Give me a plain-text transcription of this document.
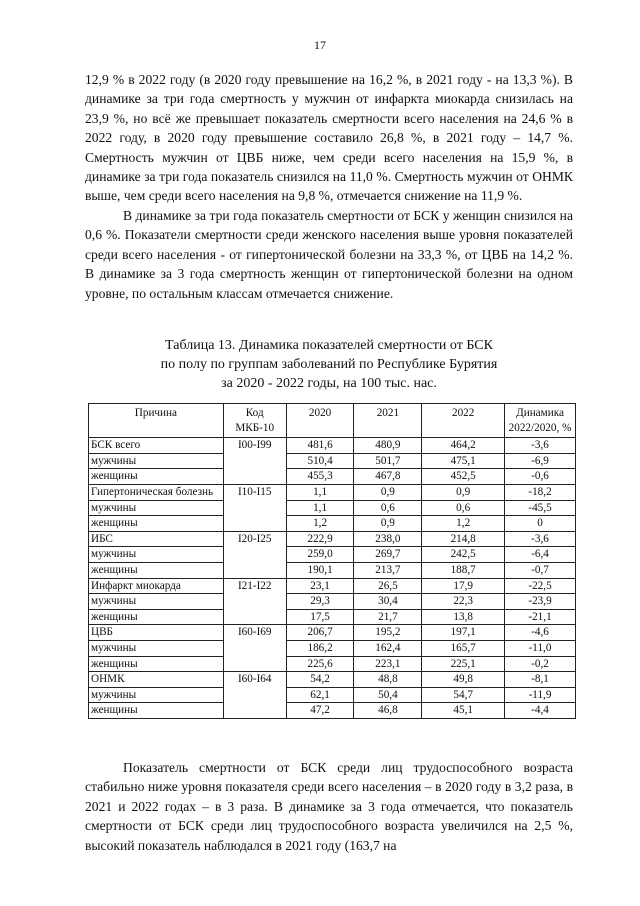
17

12,9 % в 2022 году (в 2020 году превышение на 16,2 %, в 2021 году - на 13,3 %). В динамике за три года смертность у мужчин от инфаркта миокарда снизилась на 23,9 %, но всё же превышает показатель смертности всего населения на 24,6 % в 2022 году, в 2020 году превышение составило 26,8 %, в 2021 году – 14,7 %. Смертность мужчин от ЦВБ ниже, чем среди всего населения на 15,9 %, в динамике за три года показатель снизился на 11,0 %. Смертность мужчин от ОНМК выше, чем среди всего населения на 9,8 %, отмечается снижение на 11,9 %.

В динамике за три года показатель смертности от БСК у женщин снизился на 0,6 %. Показатели смертности среди женского населения выше уровня показателей среди всего населения - от гипертонической болезни на 33,3 %, от ЦВБ на 14,2 %. В динамике за 3 года смертность женщин от гипертонической болезни на одном уровне, по остальным классам отмечается снижение.

Таблица 13. Динамика показателей смертности от БСК
по полу по группам заболеваний по Республике Бурятия
за 2020 - 2022 годы, на 100 тыс. нас.
Причина	Код МКБ-10	2020	2021	2022	Динамика 2022/2020, %
БСК всего	I00-I99	481,6	480,9	464,2	-3,6
мужчины		510,4	501,7	475,1	-6,9
женщины		455,3	467,8	452,5	-0,6
Гипертоническая болезнь	I10-I15	1,1	0,9	0,9	-18,2
мужчины		1,1	0,6	0,6	-45,5
женщины		1,2	0,9	1,2	0
ИБС	I20-I25	222,9	238,0	214,8	-3,6
мужчины		259,0	269,7	242,5	-6,4
женщины		190,1	213,7	188,7	-0,7
Инфаркт миокарда	I21-I22	23,1	26,5	17,9	-22,5
мужчины		29,3	30,4	22,3	-23,9
женщины		17,5	21,7	13,8	-21,1
ЦВБ	I60-I69	206,7	195,2	197,1	-4,6
мужчины		186,2	162,4	165,7	-11,0
женщины		225,6	223,1	225,1	-0,2
ОНМК	I60-I64	54,2	48,8	49,8	-8,1
мужчины		62,1	50,4	54,7	-11,9
женщины		47,2	46,8	45,1	-4,4

Показатель смертности от БСК среди лиц трудоспособного возраста стабильно ниже уровня показателя среди всего населения – в 2020 году в 3,2 раза, в 2021 и 2022 годах – в 3 раза. В динамике за 3 года отмечается, что показатель смертности от БСК среди лиц трудоспособного возраста увеличился на 2,5 %, высокий показатель наблюдался в 2021 году (163,7 на
